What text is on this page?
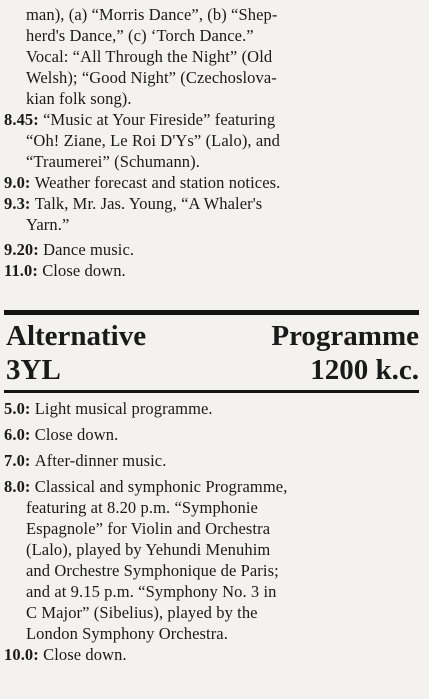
man), (a) “Morris Dance”, (b) “Shep-
herd's Dance,” (c) ‘Torch Dance.”
Vocal: “All Through the Night” (Old
Welsh); “Good Night” (Czechoslova-
kian folk song).
8.45: “Music at Your Fireside” featuring
“Oh! Ziane, Le Roi D'Ys” (Lalo), and
“Traumerei” (Schumann).
9.0: Weather forecast and station notices.
9.3: Talk, Mr. Jas. Young, “A Whaler's
Yarn.”
9.20: Dance music.
11.0: Close down.
Alternative	Programme
3YL	1200 k.c.
5.0: Light musical programme.
6.0: Close down.
7.0: After-dinner music.
8.0: Classical and symphonic Programme,
featuring at 8.20 p.m. “Symphonie
Espagnole” for Violin and Orchestra
(Lalo), played by Yehundi Menuhim
and Orchestre Symphonique de Paris;
and at 9.15 p.m. “Symphony No. 3 in
C Major” (Sibelius), played by the
London Symphony Orchestra.
10.0: Close down.
